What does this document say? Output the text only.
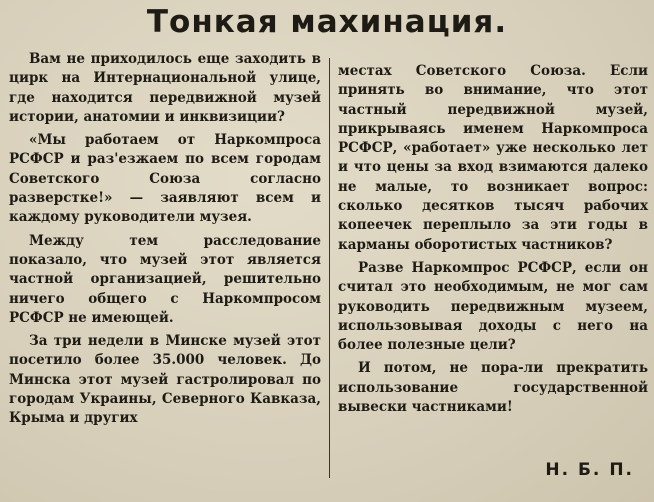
Тонкая махинация.

Вам не приходилось еще заходить в цирк на Интернациональной улице, где находится передвижной музей истории, анатомии и инквизиции?

«Мы работаем от Наркомпроса РСФСР и раз'езжаем по всем городам Советского Союза согласно разверстке!» — заявляют всем и каждому руководители музея.

Между тем расследование показало, что музей этот является частной организацией, решительно ничего общего с Наркомпросом РСФСР не имеющей.

За три недели в Минске музей этот посетило более 35.000 человек. До Минска этот музей гастролировал по городам Украины, Северного Кавказа, Крыма и других

местах Советского Союза. Если принять во внимание, что этот частный передвижной музей, прикрываясь именем Наркомпроса РСФСР, «работает» уже несколько лет и что цены за вход взимаются далеко не малые, то возникает вопрос: сколько десятков тысяч рабочих копеечек переплыло за эти годы в карманы оборотистых частников?

Разве Наркомпрос РСФСР, если он считал это необходимым, не мог сам руководить передвижным музеем, использовывая доходы с него на более полезные цели?

И потом, не пора-ли прекратить использование государственной вывески частниками!

Н. Б. П.
